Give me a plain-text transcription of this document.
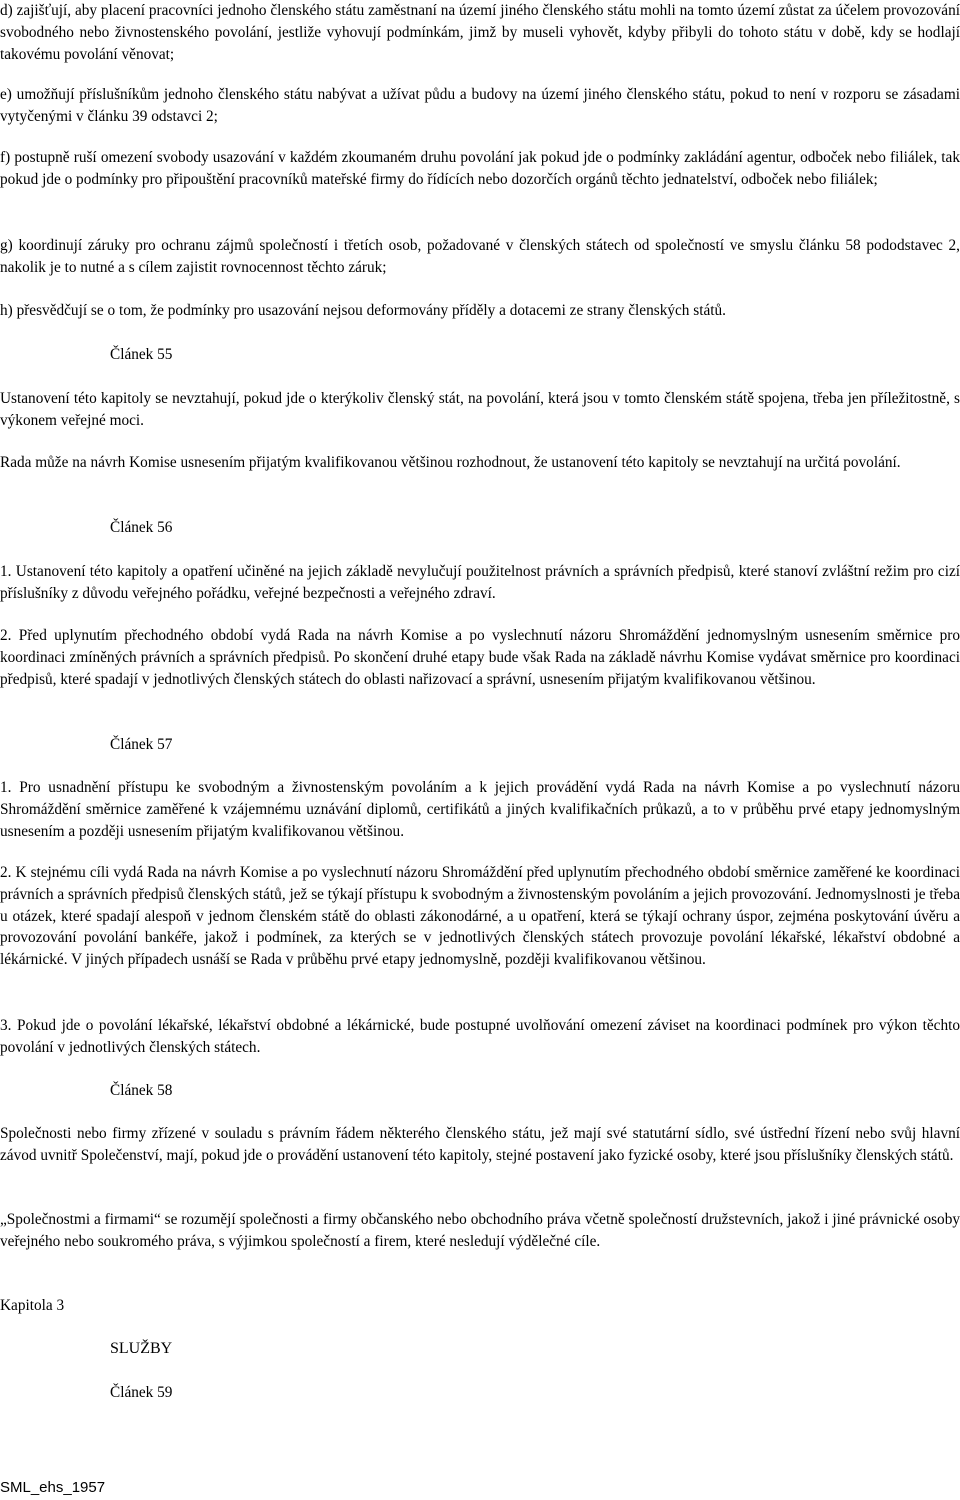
d) zajišťují, aby placení pracovníci jednoho členského státu zaměstnaní na území jiného členského státu mohli na tomto území zůstat za účelem provozování svobodného nebo živnostenského povolání, jestliže vyhovují podmínkám, jimž by museli vyhovět, kdyby přibyli do tohoto státu v době, kdy se hodlají takovému povolání věnovat;

e) umožňují příslušníkům jednoho členského státu nabývat a užívat půdu a budovy na území jiného členského státu, pokud to není v rozporu se zásadami vytyčenými v článku 39 odstavci 2;

f) postupně ruší omezení svobody usazování v každém zkoumaném druhu povolání jak pokud jde o podmínky zakládání agentur, odboček nebo filiálek, tak pokud jde o podmínky pro připouštění pracovníků mateřské firmy do řídících nebo dozorčích orgánů těchto jednatelství, odboček nebo filiálek;

g) koordinují záruky pro ochranu zájmů společností i třetích osob, požadované v členských státech od společností ve smyslu článku 58 pododstavec 2, nakolik je to nutné a s cílem zajistit rovnocennost těchto záruk;

h) přesvědčují se o tom, že podmínky pro usazování nejsou deformovány příděly a dotacemi ze strany členských států.

Článek 55

Ustanovení této kapitoly se nevztahují, pokud jde o kterýkoliv členský stát, na povolání, která jsou v tomto členském státě spojena, třeba jen příležitostně, s výkonem veřejné moci.

Rada může na návrh Komise usnesením přijatým kvalifikovanou většinou rozhodnout, že ustanovení této kapitoly se nevztahují na určitá povolání.

Článek 56

1. Ustanovení této kapitoly a opatření učiněné na jejich základě nevylučují použitelnost právních a správních předpisů, které stanoví zvláštní režim pro cizí příslušníky z důvodu veřejného pořádku, veřejné bezpečnosti a veřejného zdraví.

2. Před uplynutím přechodného období vydá Rada na návrh Komise a po vyslechnutí názoru Shromáždění jednomyslným usnesením směrnice pro koordinaci zmíněných právních a správních předpisů. Po skončení druhé etapy bude však Rada na základě návrhu Komise vydávat směrnice pro koordinaci předpisů, které spadají v jednotlivých členských státech do oblasti nařizovací a správní, usnesením přijatým kvalifikovanou většinou.

Článek 57

1. Pro usnadnění přístupu ke svobodným a živnostenským povoláním a k jejich provádění vydá Rada na návrh Komise a po vyslechnutí názoru Shromáždění směrnice zaměřené k vzájemnému uznávání diplomů, certifikátů a jiných kvalifikačních průkazů, a to v průběhu prvé etapy jednomyslným usnesením a později usnesením přijatým kvalifikovanou většinou.

2. K stejnému cíli vydá Rada na návrh Komise a po vyslechnutí názoru Shromáždění před uplynutím přechodného období směrnice zaměřené ke koordinaci právních a správních předpisů členských států, jež se týkají přístupu k svobodným a živnostenským povoláním a jejich provozování. Jednomyslnosti je třeba u otázek, které spadají alespoň v jednom členském státě do oblasti zákonodárné, a u opatření, která se týkají ochrany úspor, zejména poskytování úvěru a provozování povolání bankéře, jakož i podmínek, za kterých se v jednotlivých členských státech provozuje povolání lékařské, lékařství obdobné a lékárnické. V jiných případech usnáší se Rada v průběhu prvé etapy jednomyslně, později kvalifikovanou většinou.

3. Pokud jde o povolání lékařské, lékařství obdobné a lékárnické, bude postupné uvolňování omezení záviset na koordinaci podmínek pro výkon těchto povolání v jednotlivých členských státech.

Článek 58

Společnosti nebo firmy zřízené v souladu s právním řádem některého členského státu, jež mají své statutární sídlo, své ústřední řízení nebo svůj hlavní závod uvnitř Společenství, mají, pokud jde o provádění ustanovení této kapitoly, stejné postavení jako fyzické osoby, které jsou příslušníky členských států.

„Společnostmi a firmami“ se rozumějí společnosti a firmy občanského nebo obchodního práva včetně společností družstevních, jakož i jiné právnické osoby veřejného nebo soukromého práva, s výjimkou společností a firem, které nesledují výdělečné cíle.

Kapitola 3

SLUŽBY
Článek 59

SML_ehs_1957
